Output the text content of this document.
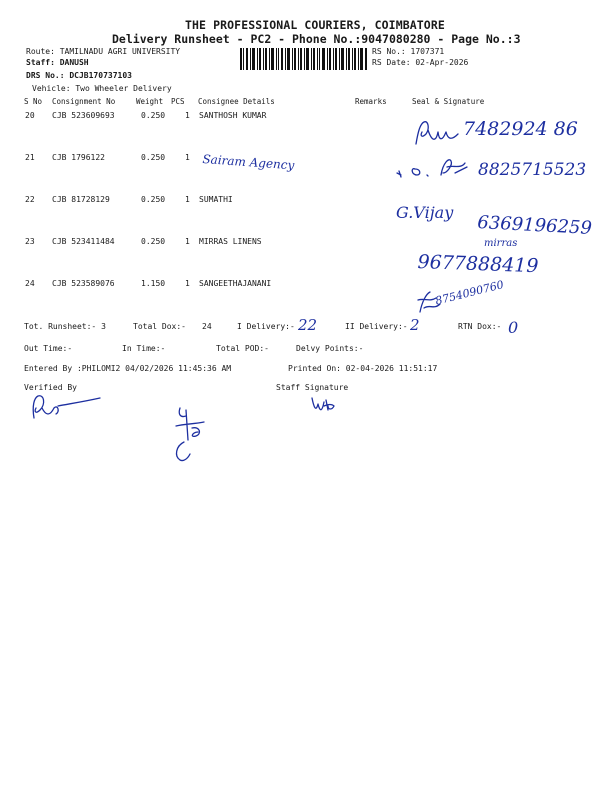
THE PROFESSIONAL COURIERS, COIMBATORE
Delivery Runsheet - PC2 - Phone No.:9047080280 - Page No.:3
Route: TAMILNADU AGRI UNIVERSITY
Staff: DANUSH
DRS No.: DCJB170737103
Vehicle: Two Wheeler Delivery
RS No.: 1707371
RS Date: 02-Apr-2026
S No Consignment No	Weight PCS Consignee Details	Remarks	Seal & Signature
20 CJB 523609693	0.250 1 SANTHOSH KUMAR
7482924 86
21 CJB 1796122	0.250 1 Sairam Agency	8825715523
22 CJB 81728129	0.250 1 SUMATHI
G.Vijay 6369196259
23 CJB 523411484	0.250 1 MIRRAS LINENS	mirras
9677888419
24 CJB 523589076	1.150 1 SANGEETHAJANANI	8754090760
Tot. Runsheet:- 3	Total Dox:- 24	I Delivery:- 22	II Delivery:- 2	RTN Dox:- 0
Out Time:-	In Time:-	Total POD:-	Delvy Points:-
Entered By :PHILOMI2 04/02/2026 11:45:36 AM	Printed On: 02-04-2026 11:51:17
Verified By	Staff Signature
